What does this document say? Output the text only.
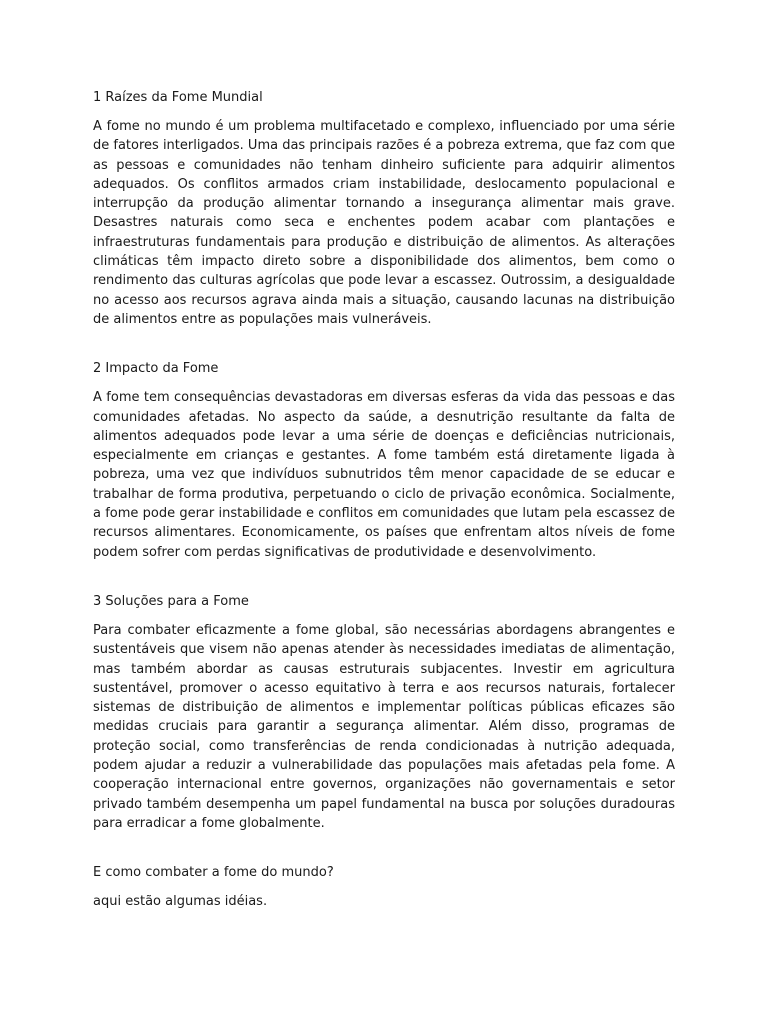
1 Raízes da Fome Mundial

A fome no mundo é um problema multifacetado e complexo, influenciado por uma série de fatores interligados. Uma das principais razões é a pobreza extrema, que faz com que as pessoas e comunidades não tenham dinheiro suficiente para adquirir alimentos adequados. Os conflitos armados criam instabilidade, deslocamento populacional e interrupção da produção alimentar tornando a insegurança alimentar mais grave. Desastres naturais como seca e enchentes podem acabar com plantações e infraestruturas fundamentais para produção e distribuição de alimentos. As alterações climáticas têm impacto direto sobre a disponibilidade dos alimentos, bem como o rendimento das culturas agrícolas que pode levar a escassez. Outrossim, a desigualdade no acesso aos recursos agrava ainda mais a situação, causando lacunas na distribuição de alimentos entre as populações mais vulneráveis.

2 Impacto da Fome

A fome tem consequências devastadoras em diversas esferas da vida das pessoas e das comunidades afetadas. No aspecto da saúde, a desnutrição resultante da falta de alimentos adequados pode levar a uma série de doenças e deficiências nutricionais, especialmente em crianças e gestantes. A fome também está diretamente ligada à pobreza, uma vez que indivíduos subnutridos têm menor capacidade de se educar e trabalhar de forma produtiva, perpetuando o ciclo de privação econômica. Socialmente, a fome pode gerar instabilidade e conflitos em comunidades que lutam pela escassez de recursos alimentares. Economicamente, os países que enfrentam altos níveis de fome podem sofrer com perdas significativas de produtividade e desenvolvimento.

3 Soluções para a Fome

Para combater eficazmente a fome global, são necessárias abordagens abrangentes e sustentáveis que visem não apenas atender às necessidades imediatas de alimentação, mas também abordar as causas estruturais subjacentes. Investir em agricultura sustentável, promover o acesso equitativo à terra e aos recursos naturais, fortalecer sistemas de distribuição de alimentos e implementar políticas públicas eficazes são medidas cruciais para garantir a segurança alimentar. Além disso, programas de proteção social, como transferências de renda condicionadas à nutrição adequada, podem ajudar a reduzir a vulnerabilidade das populações mais afetadas pela fome. A cooperação internacional entre governos, organizações não governamentais e setor privado também desempenha um papel fundamental na busca por soluções duradouras para erradicar a fome globalmente.

E como combater a fome do mundo?

aqui estão algumas idéias.
